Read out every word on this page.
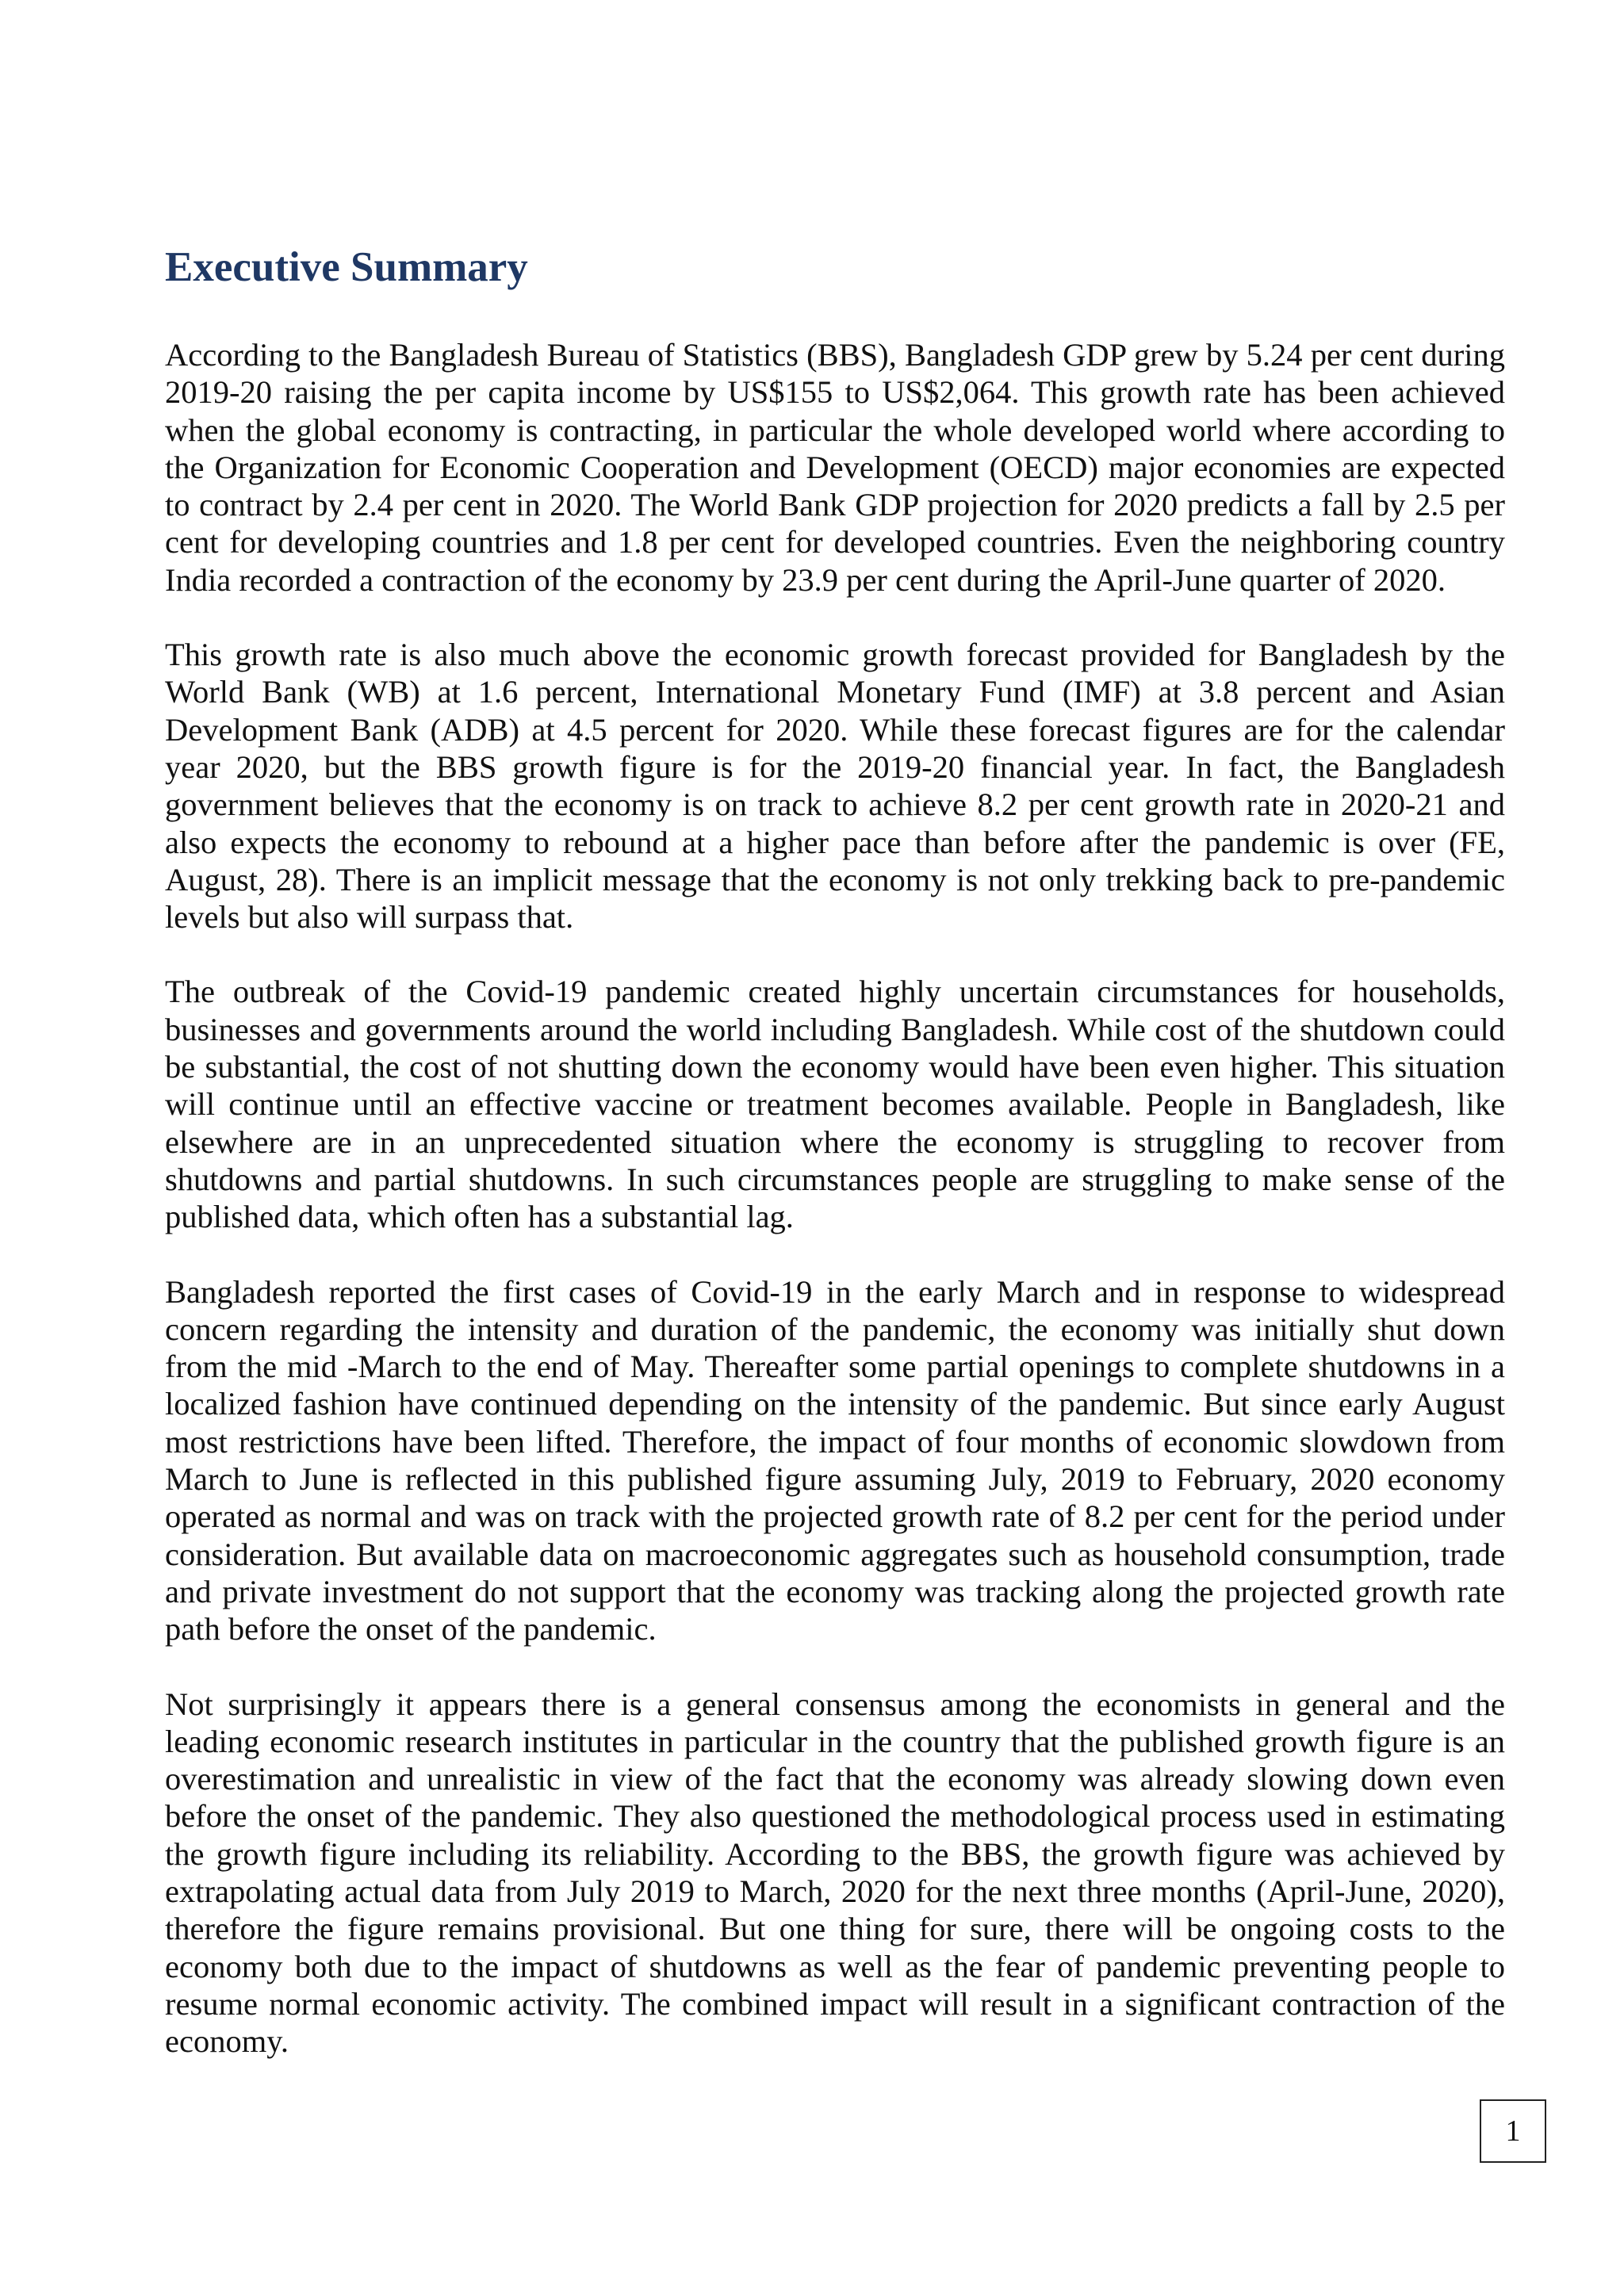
Executive Summary

According to the Bangladesh Bureau of Statistics (BBS), Bangladesh GDP grew by 5.24 per cent during 2019-20 raising the per capita income by US$155 to US$2,064. This growth rate has been achieved when the global economy is contracting, in particular the whole developed world where according to the Organization for Economic Cooperation and Development (OECD) major economies are expected to contract by 2.4 per cent in 2020. The World Bank GDP projection for 2020 predicts a fall by 2.5 per cent for developing countries and 1.8 per cent for developed countries. Even the neighboring country India recorded a contraction of the economy by 23.9 per cent during the April-June quarter of 2020.

This growth rate is also much above the economic growth forecast provided for Bangladesh by the World Bank (WB) at 1.6 percent, International Monetary Fund (IMF) at 3.8 percent and Asian Development Bank (ADB) at 4.5 percent for 2020. While these forecast figures are for the calendar year 2020, but the BBS growth figure is for the 2019-20 financial year. In fact, the Bangladesh government believes that the economy is on track to achieve 8.2 per cent growth rate in 2020-21 and also expects the economy to rebound at a higher pace than before after the pandemic is over (FE, August, 28). There is an implicit message that the economy is not only trekking back to pre-pandemic levels but also will surpass that.

The outbreak of the Covid-19 pandemic created highly uncertain circumstances for households, businesses and governments around the world including Bangladesh. While cost of the shutdown could be substantial, the cost of not shutting down the economy would have been even higher. This situation will continue until an effective vaccine or treatment becomes available. People in Bangladesh, like elsewhere are in an unprecedented situation where the economy is struggling to recover from shutdowns and partial shutdowns. In such circumstances people are struggling to make sense of the published data, which often has a substantial lag.

Bangladesh reported the first cases of Covid-19 in the early March and in response to widespread concern regarding the intensity and duration of the pandemic, the economy was initially shut down from the mid -March to the end of May. Thereafter some partial openings to complete shutdowns in a localized fashion have continued depending on the intensity of the pandemic. But since early August most restrictions have been lifted. Therefore, the impact of four months of economic slowdown from March to June is reflected in this published figure assuming July, 2019 to February, 2020 economy operated as normal and was on track with the projected growth rate of 8.2 per cent for the period under consideration. But available data on macroeconomic aggregates such as household consumption, trade and private investment do not support that the economy was tracking along the projected growth rate path before the onset of the pandemic.

Not surprisingly it appears there is a general consensus among the economists in general and the leading economic research institutes in particular in the country that the published growth figure is an overestimation and unrealistic in view of the fact that the economy was already slowing down even before the onset of the pandemic. They also questioned the methodological process used in estimating the growth figure including its reliability. According to the BBS, the growth figure was achieved by extrapolating actual data from July 2019 to March, 2020 for the next three months (April-June, 2020), therefore the figure remains provisional. But one thing for sure, there will be ongoing costs to the economy both due to the impact of shutdowns as well as the fear of pandemic preventing people to resume normal economic activity. The combined impact will result in a significant contraction of the economy.

1
